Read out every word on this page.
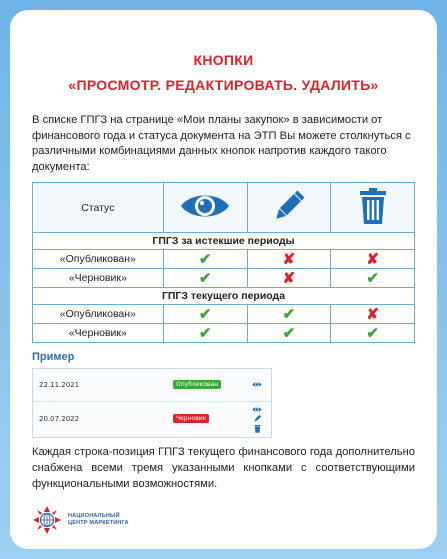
КНОПКИ
«ПРОСМОТР. РЕДАКТИРОВАТЬ. УДАЛИТЬ»
В списке ГПГЗ на странице «Мои планы закупок» в зависимости от финансового года и статуса документа на ЭТП Вы можете столкнуться с различными комбинациями данных кнопок напротив каждого такого документа:
Статус			
ГПГЗ за истекшие периоды			
«Опубликован»	✔	✘	✘
«Черновик»	✔	✘	✔
ГПГЗ текущего периода			
«Опубликован»	✔	✔	✘
«Черновик»	✔	✔	✔
Пример
22.11.2021	Опубликован
20.07.2022	Черновик
Каждая строка-позиция ГПГЗ текущего финансового года дополнительно снабжена всеми тремя указанными кнопками с соответствующими функциональными возможностями.
НАЦИОНАЛЬНЫЙ
ЦЕНТР МАРКЕТИНГА
